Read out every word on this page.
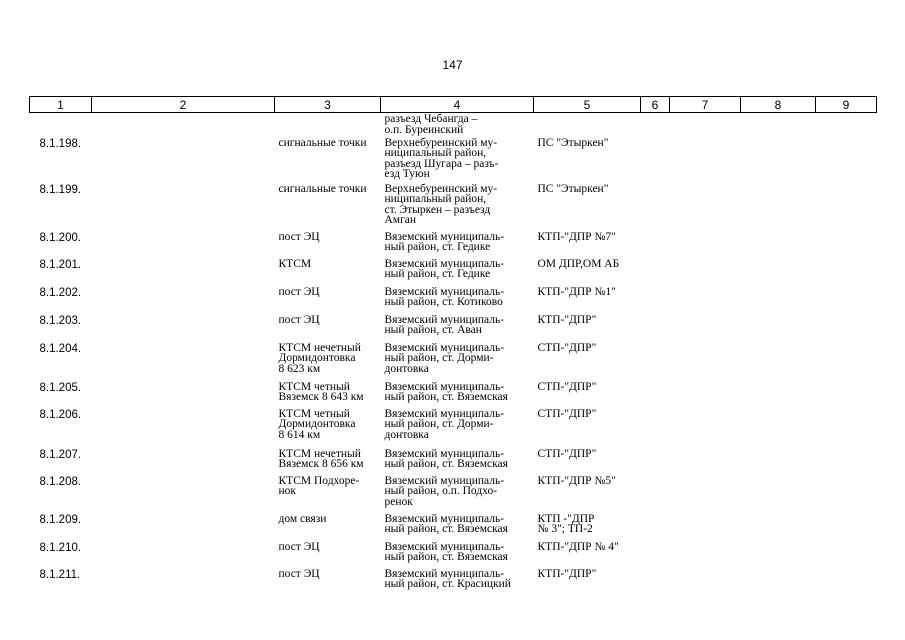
147
1	2	3	4	5	6	7	8	9
			разъезд Чебангда –
о.п. Буреинский					
8.1.198.		сигнальные точки	Верхнебуреинский му-
ниципальный район,
разъезд Шугара – разъ-
езд Туюн	ПС "Этыркен"				
8.1.199.		сигнальные точки	Верхнебуреинский му-
ниципальный район,
ст. Этыркен – разъезд
Амган	ПС "Этыркен"				
8.1.200.		пост ЭЦ	Вяземский муниципаль-
ный район, ст. Гедике	КТП-"ДПР №7"				
8.1.201.		КТСМ	Вяземский муниципаль-
ный район, ст. Гедике	ОМ ДПР,ОМ АБ				
8.1.202.		пост ЭЦ	Вяземский муниципаль-
ный район, ст. Котиково	КТП-"ДПР №1"				
8.1.203.		пост ЭЦ	Вяземский муниципаль-
ный район, ст. Аван	КТП-"ДПР"				
8.1.204.		КТСМ нечетный
Дормидонтовка
8 623 км	Вяземский муниципаль-
ный район, ст. Дорми-
донтовка	СТП-"ДПР"				
8.1.205.		КТСМ четный
Вяземск 8 643 км	Вяземский муниципаль-
ный район, ст. Вяземская	СТП-"ДПР"				
8.1.206.		КТСМ четный
Дормидонтовка
8 614 км	Вяземский муниципаль-
ный район, ст. Дорми-
донтовка	СТП-"ДПР"				
8.1.207.		КТСМ нечетный
Вяземск 8 656 км	Вяземский муниципаль-
ный район, ст. Вяземская	СТП-"ДПР"				
8.1.208.		КТСМ Подхоре-
нок	Вяземский муниципаль-
ный район, о.п. Подхо-
ренок	КТП-"ДПР №5"				
8.1.209.		дом связи	Вяземский муниципаль-
ный район, ст. Вяземская	КТП -"ДПР
№ 3"; ТП-2				
8.1.210.		пост ЭЦ	Вяземский муниципаль-
ный район, ст. Вяземская	КТП-"ДПР № 4"				
8.1.211.		пост ЭЦ	Вяземский муниципаль-
ный район, ст. Красицкий	КТП-"ДПР"				
